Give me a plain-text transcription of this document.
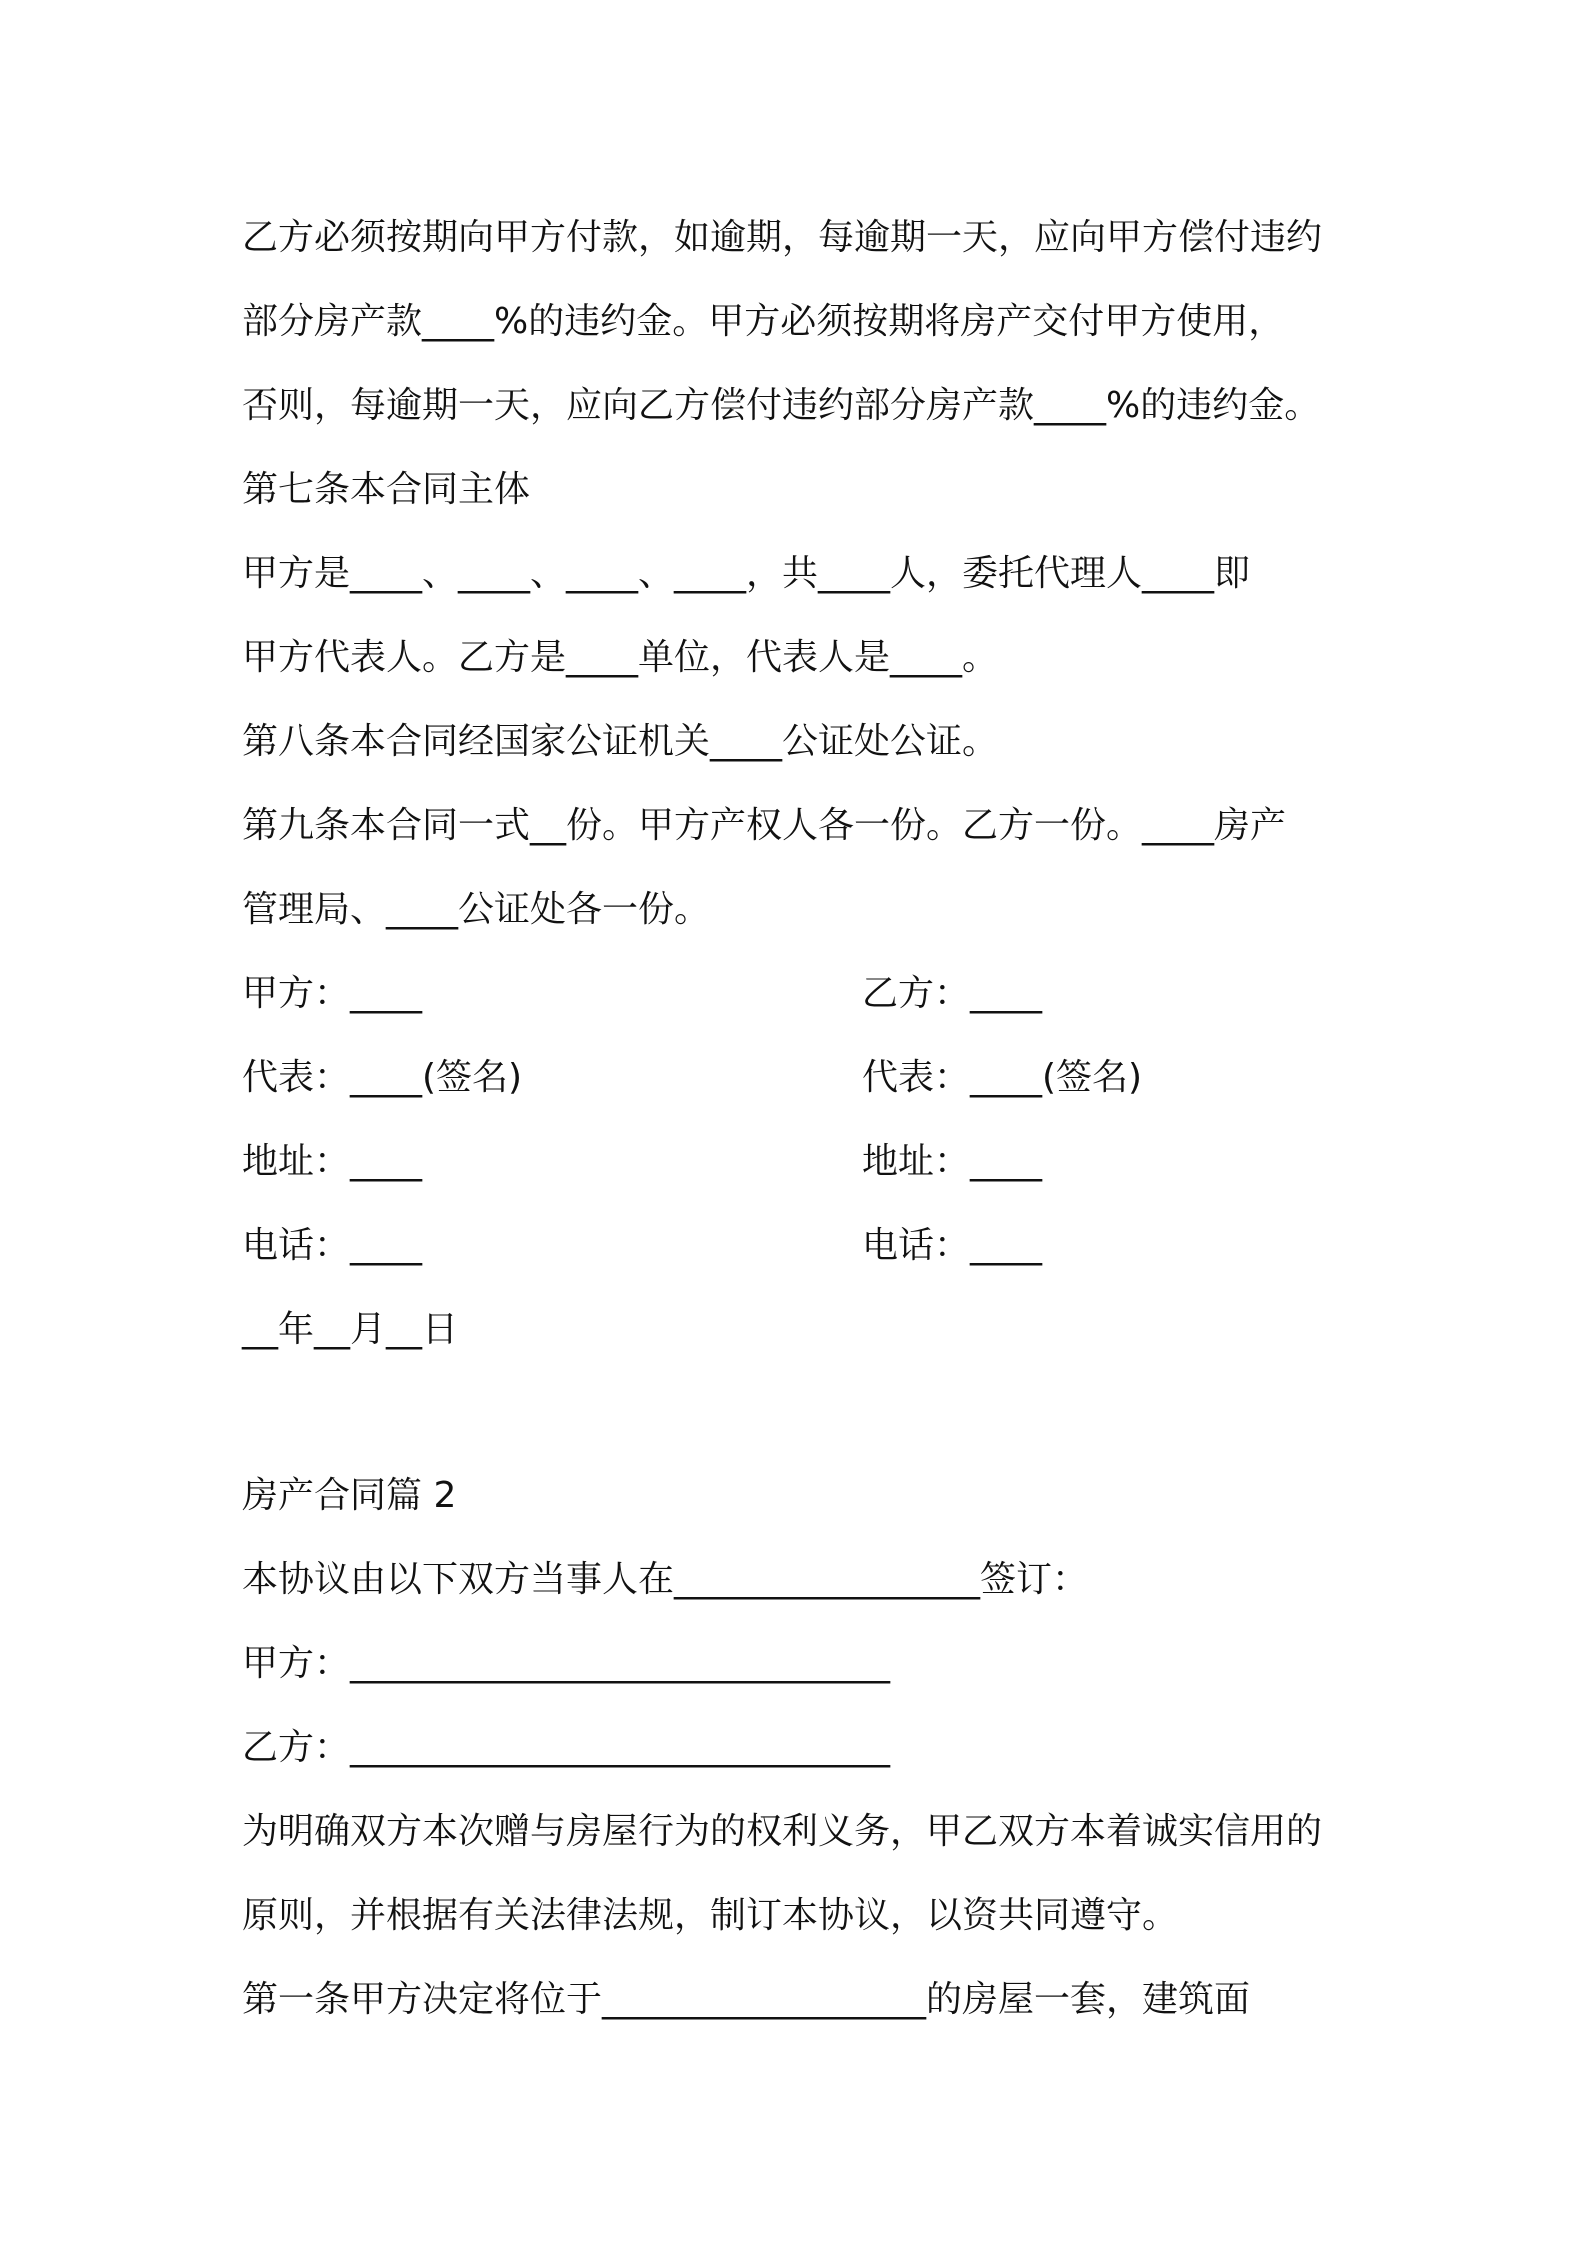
乙方必须按期向甲方付款，如逾期，每逾期一天，应向甲方偿付违约
部分房产款____%的违约金。甲方必须按期将房产交付甲方使用，
否则，每逾期一天，应向乙方偿付违约部分房产款____%的违约金。
第七条本合同主体
甲方是____、____、____、____，共____人，委托代理人____即
甲方代表人。乙方是____单位，代表人是____。
第八条本合同经国家公证机关____公证处公证。
第九条本合同一式__份。甲方产权人各一份。乙方一份。____房产
管理局、____公证处各一份。
甲方：____	乙方：____
代表：____(签名)	代表：____(签名)
地址：____	地址：____
电话：____	电话：____
__年__月__日
房产合同篇 2
本协议由以下双方当事人在_________________签订：
甲方：______________________________
乙方：______________________________
为明确双方本次赠与房屋行为的权利义务，甲乙双方本着诚实信用的
原则，并根据有关法律法规，制订本协议，以资共同遵守。
第一条甲方决定将位于__________________的房屋一套，建筑面
